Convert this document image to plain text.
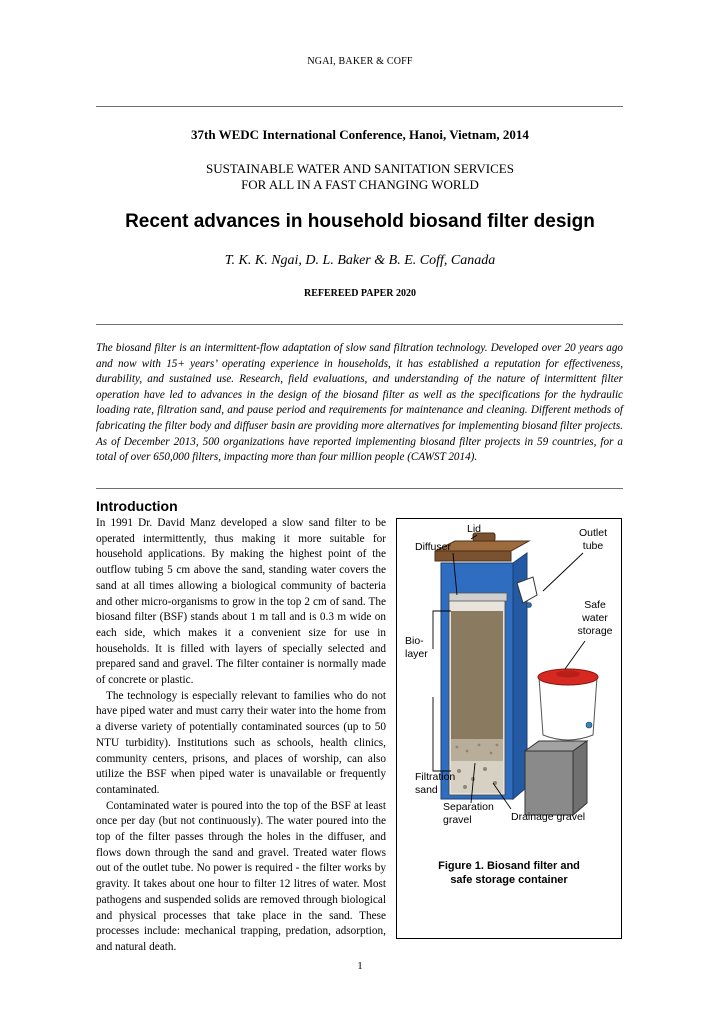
NGAI, BAKER & COFF
37th WEDC International Conference, Hanoi, Vietnam, 2014
SUSTAINABLE WATER AND SANITATION SERVICES
FOR ALL IN A FAST CHANGING WORLD
Recent advances in household biosand filter design
T. K. K. Ngai, D. L. Baker & B. E. Coff, Canada
REFEREED PAPER 2020

The biosand filter is an intermittent-flow adaptation of slow sand filtration technology. Developed over 20 years ago and now with 15+ years’ operating experience in households, it has established a reputation for effectiveness, durability, and sustained use. Research, field evaluations, and understanding of the nature of intermittent filter operation have led to advances in the design of the biosand filter as well as the specifications for the hydraulic loading rate, filtration sand, and pause period and requirements for maintenance and cleaning. Different methods of fabricating the filter body and diffuser basin are providing more alternatives for implementing biosand filter projects. As of December 2013, 500 organizations have reported implementing biosand filter projects in 59 countries, for a total of over 650,000 filters, impacting more than four million people (CAWST 2014).

Introduction

In 1991 Dr. David Manz developed a slow sand filter to be operated intermittently, thus making it more suitable for household applications. By making the highest point of the outflow tubing 5 cm above the sand, standing water covers the sand at all times allowing a biological community of bacteria and other micro-organisms to grow in the top 2 cm of sand. The biosand filter (BSF) stands about 1 m tall and is 0.3 m wide on each side, which makes it a convenient size for use in households. It is filled with layers of specially selected and prepared sand and gravel. The filter container is normally made of concrete or plastic.

The technology is especially relevant to families who do not have piped water and must carry their water into the home from a diverse variety of potentially contaminated sources (up to 50 NTU turbidity). Institutions such as schools, health clinics, community centers, prisons, and places of worship, can also utilize the BSF when piped water is unavailable or frequently contaminated.

Contaminated water is poured into the top of the BSF at least once per day (but not continuously). The water poured into the top of the filter passes through the holes in the diffuser, and flows down through the sand and gravel. Treated water flows out of the outlet tube. No power is required - the filter works by gravity. It takes about one hour to filter 12 litres of water. Most pathogens and suspended solids are removed through biological and physical processes that take place in the sand. These processes include: mechanical trapping, predation, adsorption, and natural death.

Lid	Outlet tube
Diffuser
Safe water storage
Bio-layer
Filtration sand
Separation gravel	Drainage gravel
Figure 1. Biosand filter and
safe storage container
1
